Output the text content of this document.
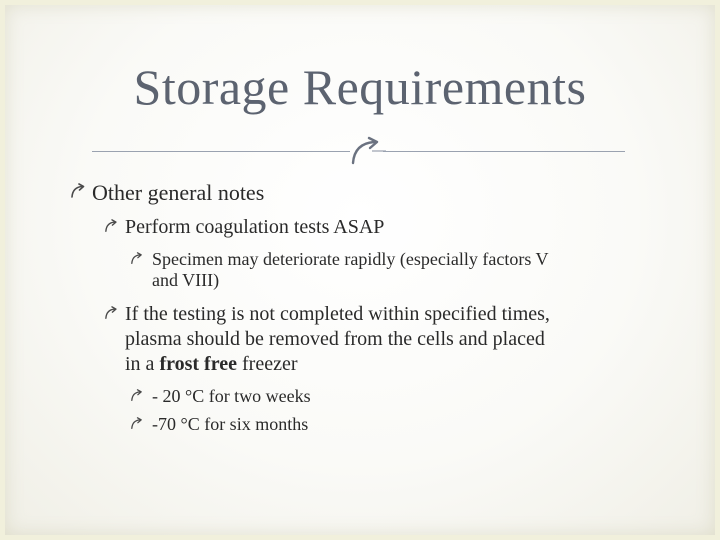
Storage Requirements
Other general notes
Perform coagulation tests ASAP
Specimen may deteriorate rapidly (especially factors V
and VIII)
If the testing is not completed within specified times,
plasma should be removed from the cells and placed
in a frost free freezer
- 20 °C for two weeks
-70 °C for six months
